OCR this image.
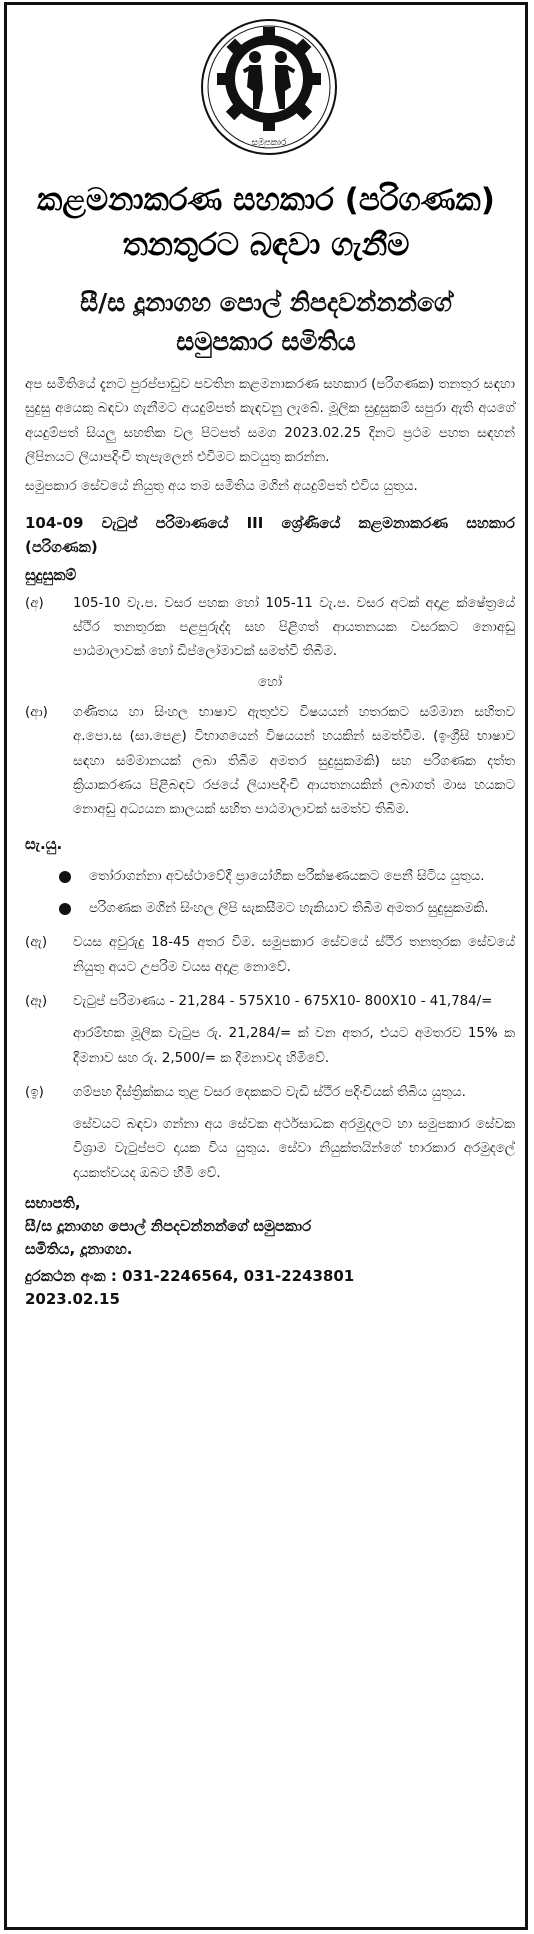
සමුපකාර
කළමනාකරණ සහකාර (පරිගණක)
තනතුරට බඳවා ගැනීම
සී/ස දූනාගහ පොල් නිපදවන්නන්ගේ
සමුපකාර සමිතිය
අප සමිතියේ දැනට පුරප්පාඩුව පවතින කළමනාකරණ සහකාර (පරිගණක) තනතුර සඳහා සුදුසු අයෙකු බඳවා ගැනීමට අයදුම්පත් කැඳවනු ලැබේ. මූලික සුදුසුකම් සපුරා ඇති අයගේ අයදුම්පත් සියලු සහතික වල පිටපත් සමග 2023.02.25 දිනට ප්‍රථම පහත සඳහන් ලිපිනයට ලියාපදිංචි තැපැලෙන් එවීමට කටයුතු කරන්න.
සමුපකාර සේවයේ නියුතු අය තම සමිතිය මගින් අයදුම්පත් එවිය යුතුය.
104-09 වැටුප් පරිමාණයේ III ශ්‍රේණියේ කළමනාකරණ සහකාර (පරිගණක)
සුදුසුකම්
(අ)	105-10 වැ.ප. වසර පහක හෝ 105-11 වැ.ප. වසර අටක් අදාළ ක්ෂේත්‍රයේ ස්ථිර තනතුරක පළපුරුද්ද සහ පිළිගත් ආයතනයක වසරකට නොඅඩු පාඨමාලාවක් හෝ ඩිප්ලෝමාවක් සමත්වී තිබීම.
හෝ
(ආ)	ගණිතය හා සිංහල භාෂාව ඇතුළුව විෂයයන් හතරකට සම්මාන සහිතව අ.පො.ස (සා.පෙළ) විභාගයෙන් විෂයයන් හයකින් සමත්වීම. (ඉංග්‍රීසි භාෂාව සඳහා සම්මානයක් ලබා තිබීම අමතර සුදුසුකමකි) සහ පරිගණක දත්ත ක්‍රියාකරණය පිළිබඳව රජයේ ලියාපදිංචි ආයතනයකින් ලබාගත් මාස හයකට නොඅඩු අධ්‍යයන කාලයක් සහිත පාඨමාලාවක් සමත්ව තිබීම.
සැ.යු.
තෝරාගන්නා අවස්ථාවේදී ප්‍රායෝගික පරීක්ෂණයකට පෙනී සිටිය යුතුය.
පරිගණක මගින් සිංහල ලිපි සැකසීමට හැකියාව තිබීම අමතර සුදුසුකමකි.
(ඇ)	වයස අවුරුදු 18-45 අතර විම. සමුපකාර සේවයේ ස්ථිර තනතුරක සේවයේ නියුතු අයට උපරිම වයස අදාළ නොවේ.
(ඈ)	වැටුප් පරිමාණය - 21,284 - 575X10 - 675X10- 800X10 - 41,784/=
ආරම්භක මූලික වැටුප රු. 21,284/= ක් වන අතර, එයට අමතරව 15% ක දීමනාව සහ රු. 2,500/= ක දීමනාවද හිමිවේ.
(ඉ)	ගම්පහ දිස්ත්‍රික්කය තුළ වසර දෙකකට වැඩි ස්ථිර පදිංචියක් තිබිය යුතුය.
සේවයට බඳවා ගන්නා අය සේවක අර්ථසාධක අරමුදලට හා සමුපකාර සේවක විශ්‍රාම වැටුප්පට දායක විය යුතුය. සේවා නියුක්තයින්ගේ භාරකාර අරමුදලේ දායකත්වයද ඔබට හිමි වේ.
සභාපති,
සී/ස දූනාගහ පොල් නිපදවන්නන්ගේ සමුපකාර
සමිතිය, දූනාගහ.
දුරකථන අංක : 031-2246564, 031-2243801
2023.02.15
